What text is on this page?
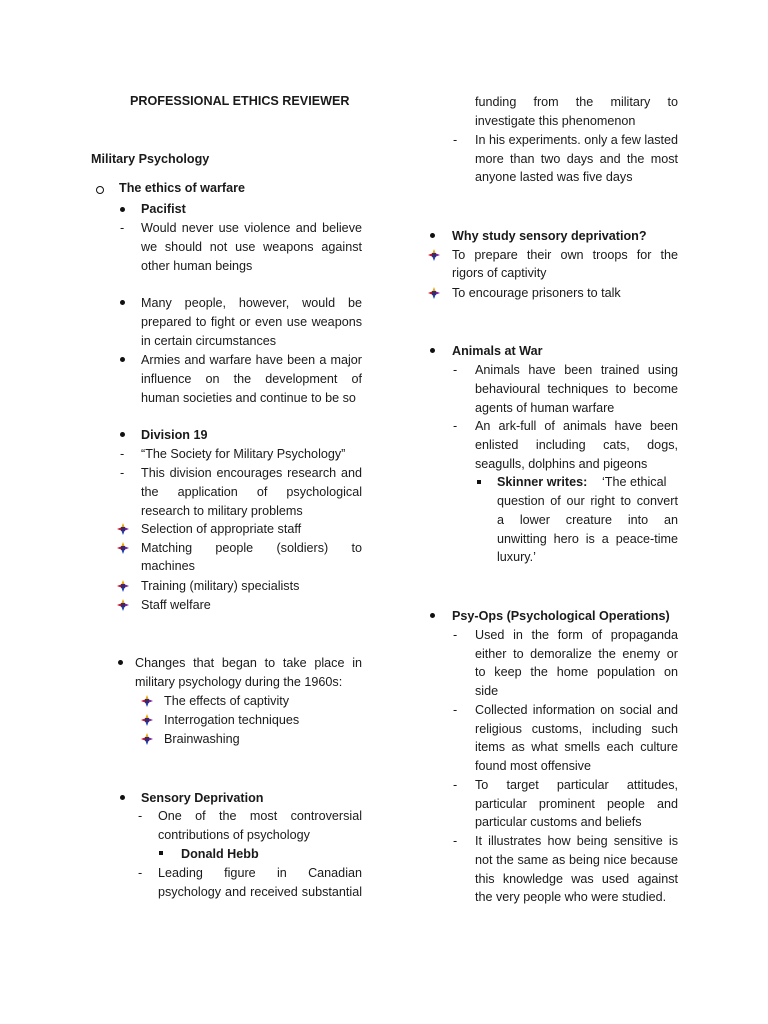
PROFESSIONAL ETHICS REVIEWER
Military Psychology
The ethics of warfare
Pacifist
- Would never use violence and believe
we should not use weapons against
other human beings
Many people, however, would be
prepared to fight or even use weapons
in certain circumstances
Armies and warfare have been a major
influence on the development of
human societies and continue to be so
Division 19
- “The Society for Military Psychology”
- This division encourages research and
the application of psychological
research to military problems
Selection of appropriate staff
Matching people (soldiers) to
machines
Training (military) specialists
Staff welfare
Changes that began to take place in
military psychology during the 1960s:
The effects of captivity
Interrogation techniques
Brainwashing
Sensory Deprivation
- One of the most controversial
contributions of psychology
Donald Hebb
- Leading figure in Canadian
psychology and received substantial
funding from the military to
investigate this phenomenon
- In his experiments. only a few lasted
more than two days and the most
anyone lasted was five days
Why study sensory deprivation?
To prepare their own troops for the
rigors of captivity
To encourage prisoners to talk
Animals at War
- Animals have been trained using
behavioural techniques to become
agents of human warfare
- An ark-full of animals have been
enlisted including cats, dogs,
seagulls, dolphins and pigeons
Skinner writes: ‘The ethical
question of our right to convert
a lower creature into an
unwitting hero is a peace-time
luxury.’
Psy-Ops (Psychological Operations)
- Used in the form of propaganda
either to demoralize the enemy or
to keep the home population on
side
- Collected information on social and
religious customs, including such
items as what smells each culture
found most offensive
- To target particular attitudes,
particular prominent people and
particular customs and beliefs
- It illustrates how being sensitive is
not the same as being nice because
this knowledge was used against
the very people who were studied.
